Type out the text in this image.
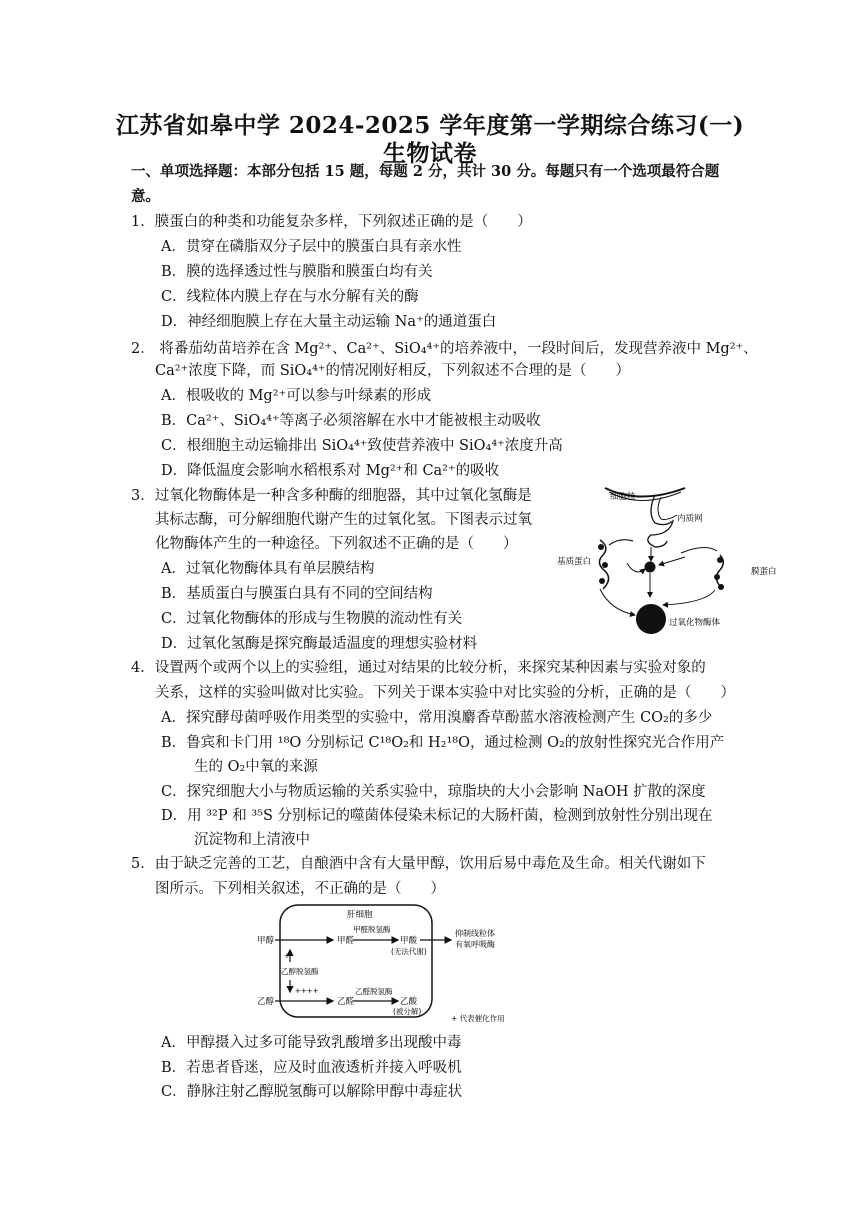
江苏省如皋中学 2024-2025 学年度第一学期综合练习(一)
生物试卷
一、单项选择题：本部分包括 15 题，每题 2 分，共计 30 分。每题只有一个选项最符合题
意。
1．膜蛋白的种类和功能复杂多样，下列叙述正确的是（　　）
A．贯穿在磷脂双分子层中的膜蛋白具有亲水性
B．膜的选择透过性与膜脂和膜蛋白均有关
C．线粒体内膜上存在与水分解有关的酶
D．神经细胞膜上存在大量主动运输 Na⁺的通道蛋白
2． 将番茄幼苗培养在含 Mg²⁺、Ca²⁺、SiO₄⁴⁺的培养液中，一段时间后，发现营养液中 Mg²⁺、
Ca²⁺浓度下降，而 SiO₄⁴⁺的情况刚好相反，下列叙述不合理的是（　　）
A．根吸收的 Mg²⁺可以参与叶绿素的形成
B．Ca²⁺、SiO₄⁴⁺等离子必须溶解在水中才能被根主动吸收
C．根细胞主动运输排出 SiO₄⁴⁺致使营养液中 SiO₄⁴⁺浓度升高
D．降低温度会影响水稻根系对 Mg²⁺和 Ca²⁺的吸收
3．过氧化物酶体是一种含多种酶的细胞器，其中过氧化氢酶是
其标志酶，可分解细胞代谢产生的过氧化氢。下图表示过氧
化物酶体产生的一种途径。下列叙述不正确的是（　　）
A．过氧化物酶体具有单层膜结构
B．基质蛋白与膜蛋白具有不同的空间结构
C．过氧化物酶体的形成与生物膜的流动性有关
D．过氧化氢酶是探究酶最适温度的理想实验材料
细胞核
内质网
基质蛋白
膜蛋白
过氧化物酶体
4．设置两个或两个以上的实验组，通过对结果的比较分析，来探究某种因素与实验对象的
关系，这样的实验叫做对比实验。下列关于课本实验中对比实验的分析，正确的是（　　）
A．探究酵母菌呼吸作用类型的实验中，常用溴麝香草酚蓝水溶液检测产生 CO₂的多少
B．鲁宾和卡门用 ¹⁸O 分别标记 C¹⁸O₂和 H₂¹⁸O，通过检测 O₂的放射性探究光合作用产
生的 O₂中氧的来源
C．探究细胞大小与物质运输的关系实验中，琼脂块的大小会影响 NaOH 扩散的深度
D．用 ³²P 和 ³⁵S 分别标记的噬菌体侵染未标记的大肠杆菌，检测到放射性分别出现在
沉淀物和上清液中
5．由于缺乏完善的工艺，自酿酒中含有大量甲醇，饮用后易中毒危及生命。相关代谢如下
图所示。下列相关叙述，不正确的是（　　）
肝细胞
甲醇	甲醛
甲醛脱氢酶
甲酸
(无法代谢)
抑制线粒体
有氧呼吸酶
+
乙醇脱氢酶
++++
乙醇	乙醛
乙醛脱氢酶
乙酸
(被分解)
+ 代表催化作用
A．甲醇摄入过多可能导致乳酸增多出现酸中毒
B．若患者昏迷，应及时血液透析并接入呼吸机
C．静脉注射乙醇脱氢酶可以解除甲醇中毒症状
